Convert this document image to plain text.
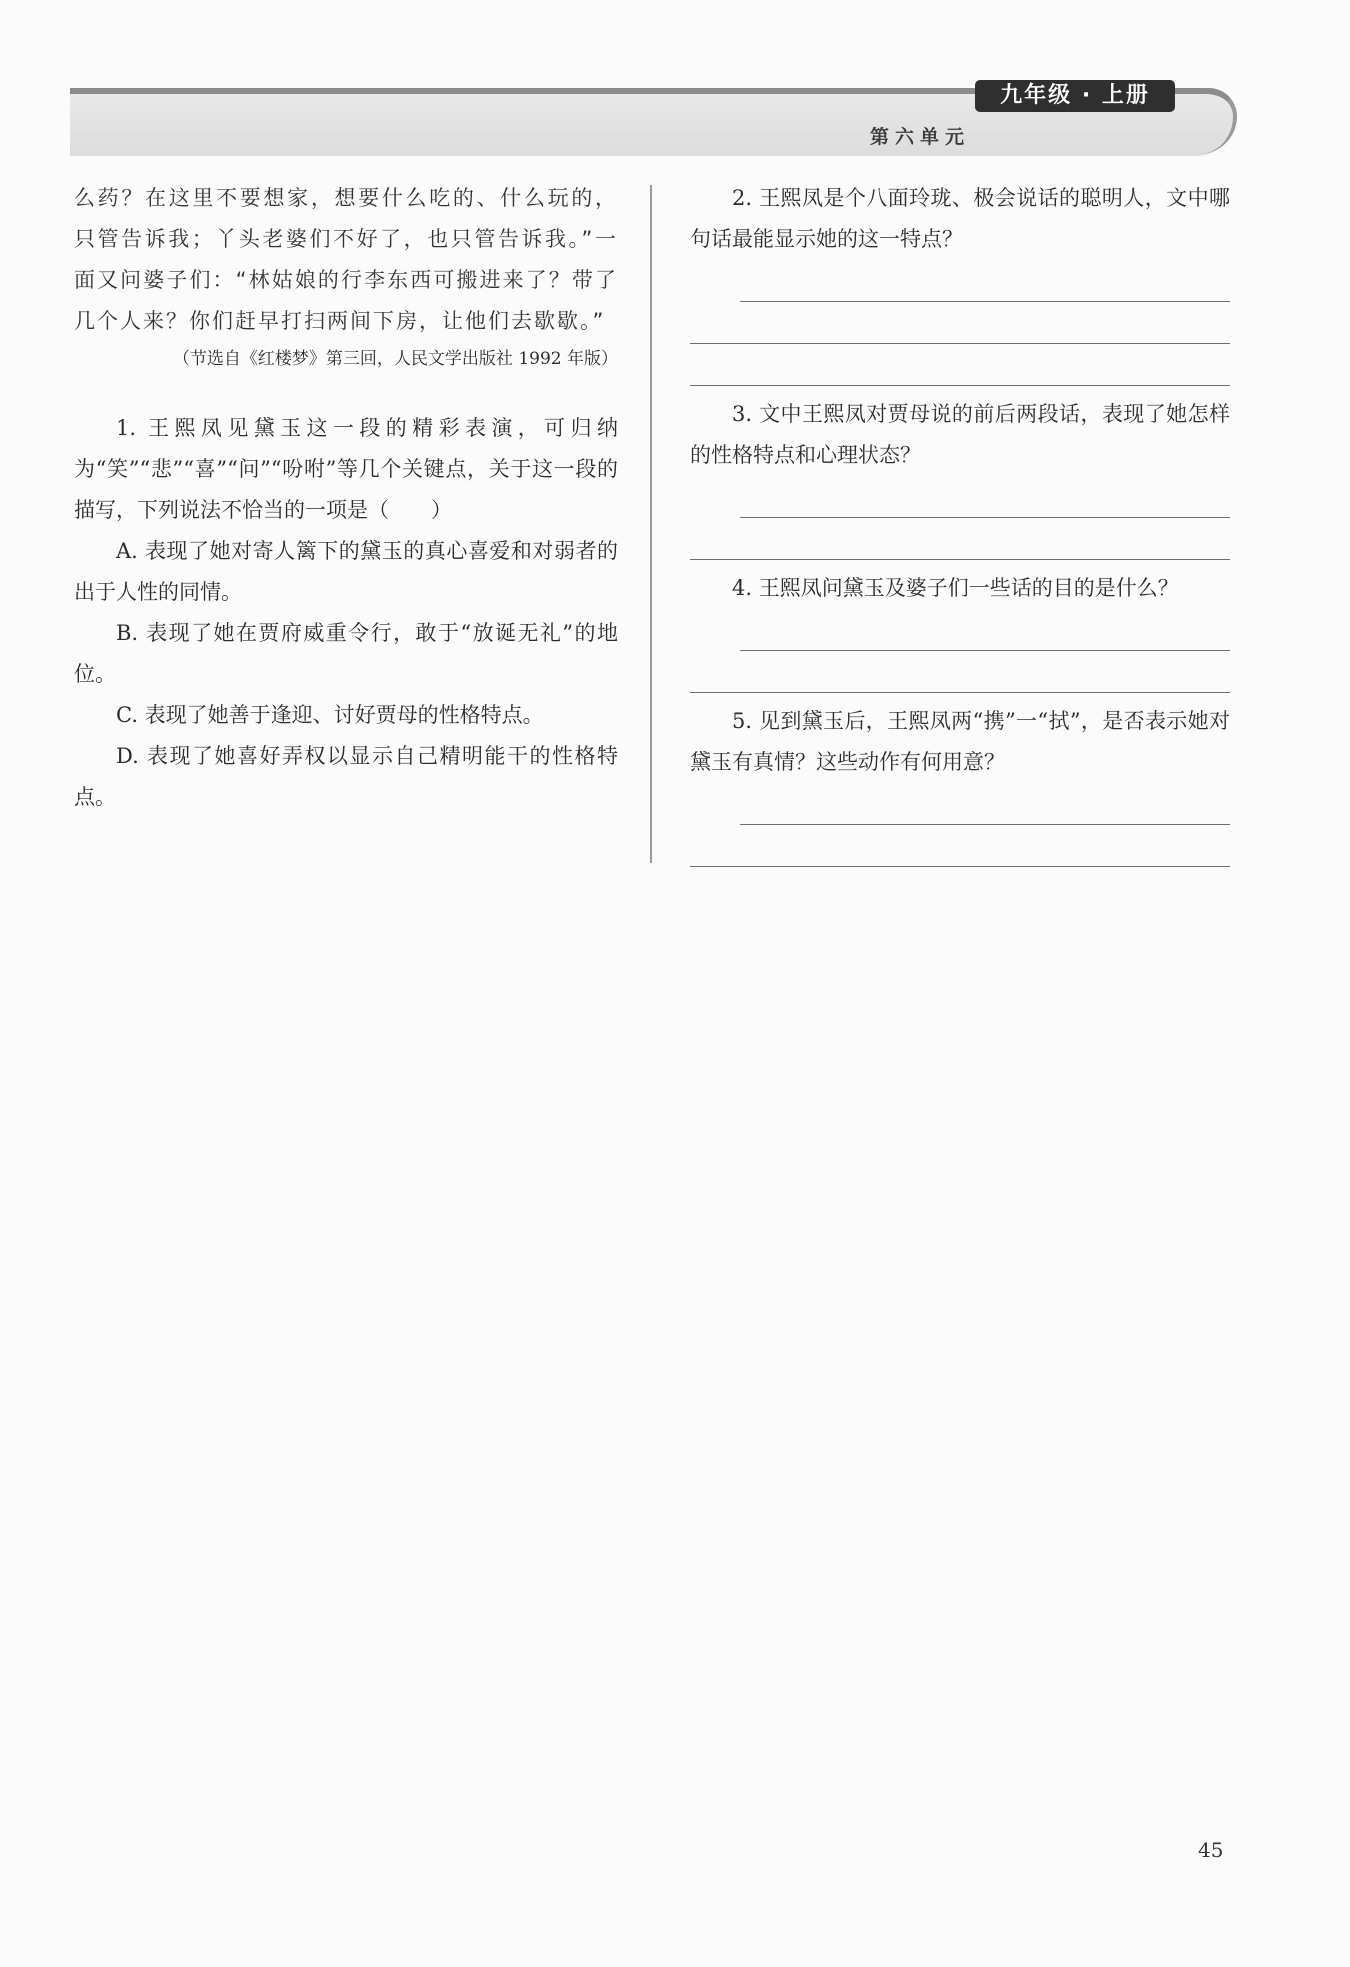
九年级 · 上册
第六单元

么药？在这里不要想家，想要什么吃的、什么玩的，只管告诉我；丫头老婆们不好了，也只管告诉我。”一面又问婆子们：“林姑娘的行李东西可搬进来了？带了几个人来？你们赶早打扫两间下房，让他们去歇歇。”

（节选自《红楼梦》第三回，人民文学出版社 1992 年版）

1. 王熙凤见黛玉这一段的精彩表演，可归纳为“笑”“悲”“喜”“问”“吩咐”等几个关键点，关于这一段的描写，下列说法不恰当的一项是（　　）

A. 表现了她对寄人篱下的黛玉的真心喜爱和对弱者的出于人性的同情。

B. 表现了她在贾府威重令行，敢于“放诞无礼”的地位。

C. 表现了她善于逢迎、讨好贾母的性格特点。

D. 表现了她喜好弄权以显示自己精明能干的性格特点。

2. 王熙凤是个八面玲珑、极会说话的聪明人，文中哪句话最能显示她的这一特点？

3. 文中王熙凤对贾母说的前后两段话，表现了她怎样的性格特点和心理状态？

4. 王熙凤问黛玉及婆子们一些话的目的是什么？

5. 见到黛玉后，王熙凤两“携”一“拭”，是否表示她对黛玉有真情？这些动作有何用意？

45
